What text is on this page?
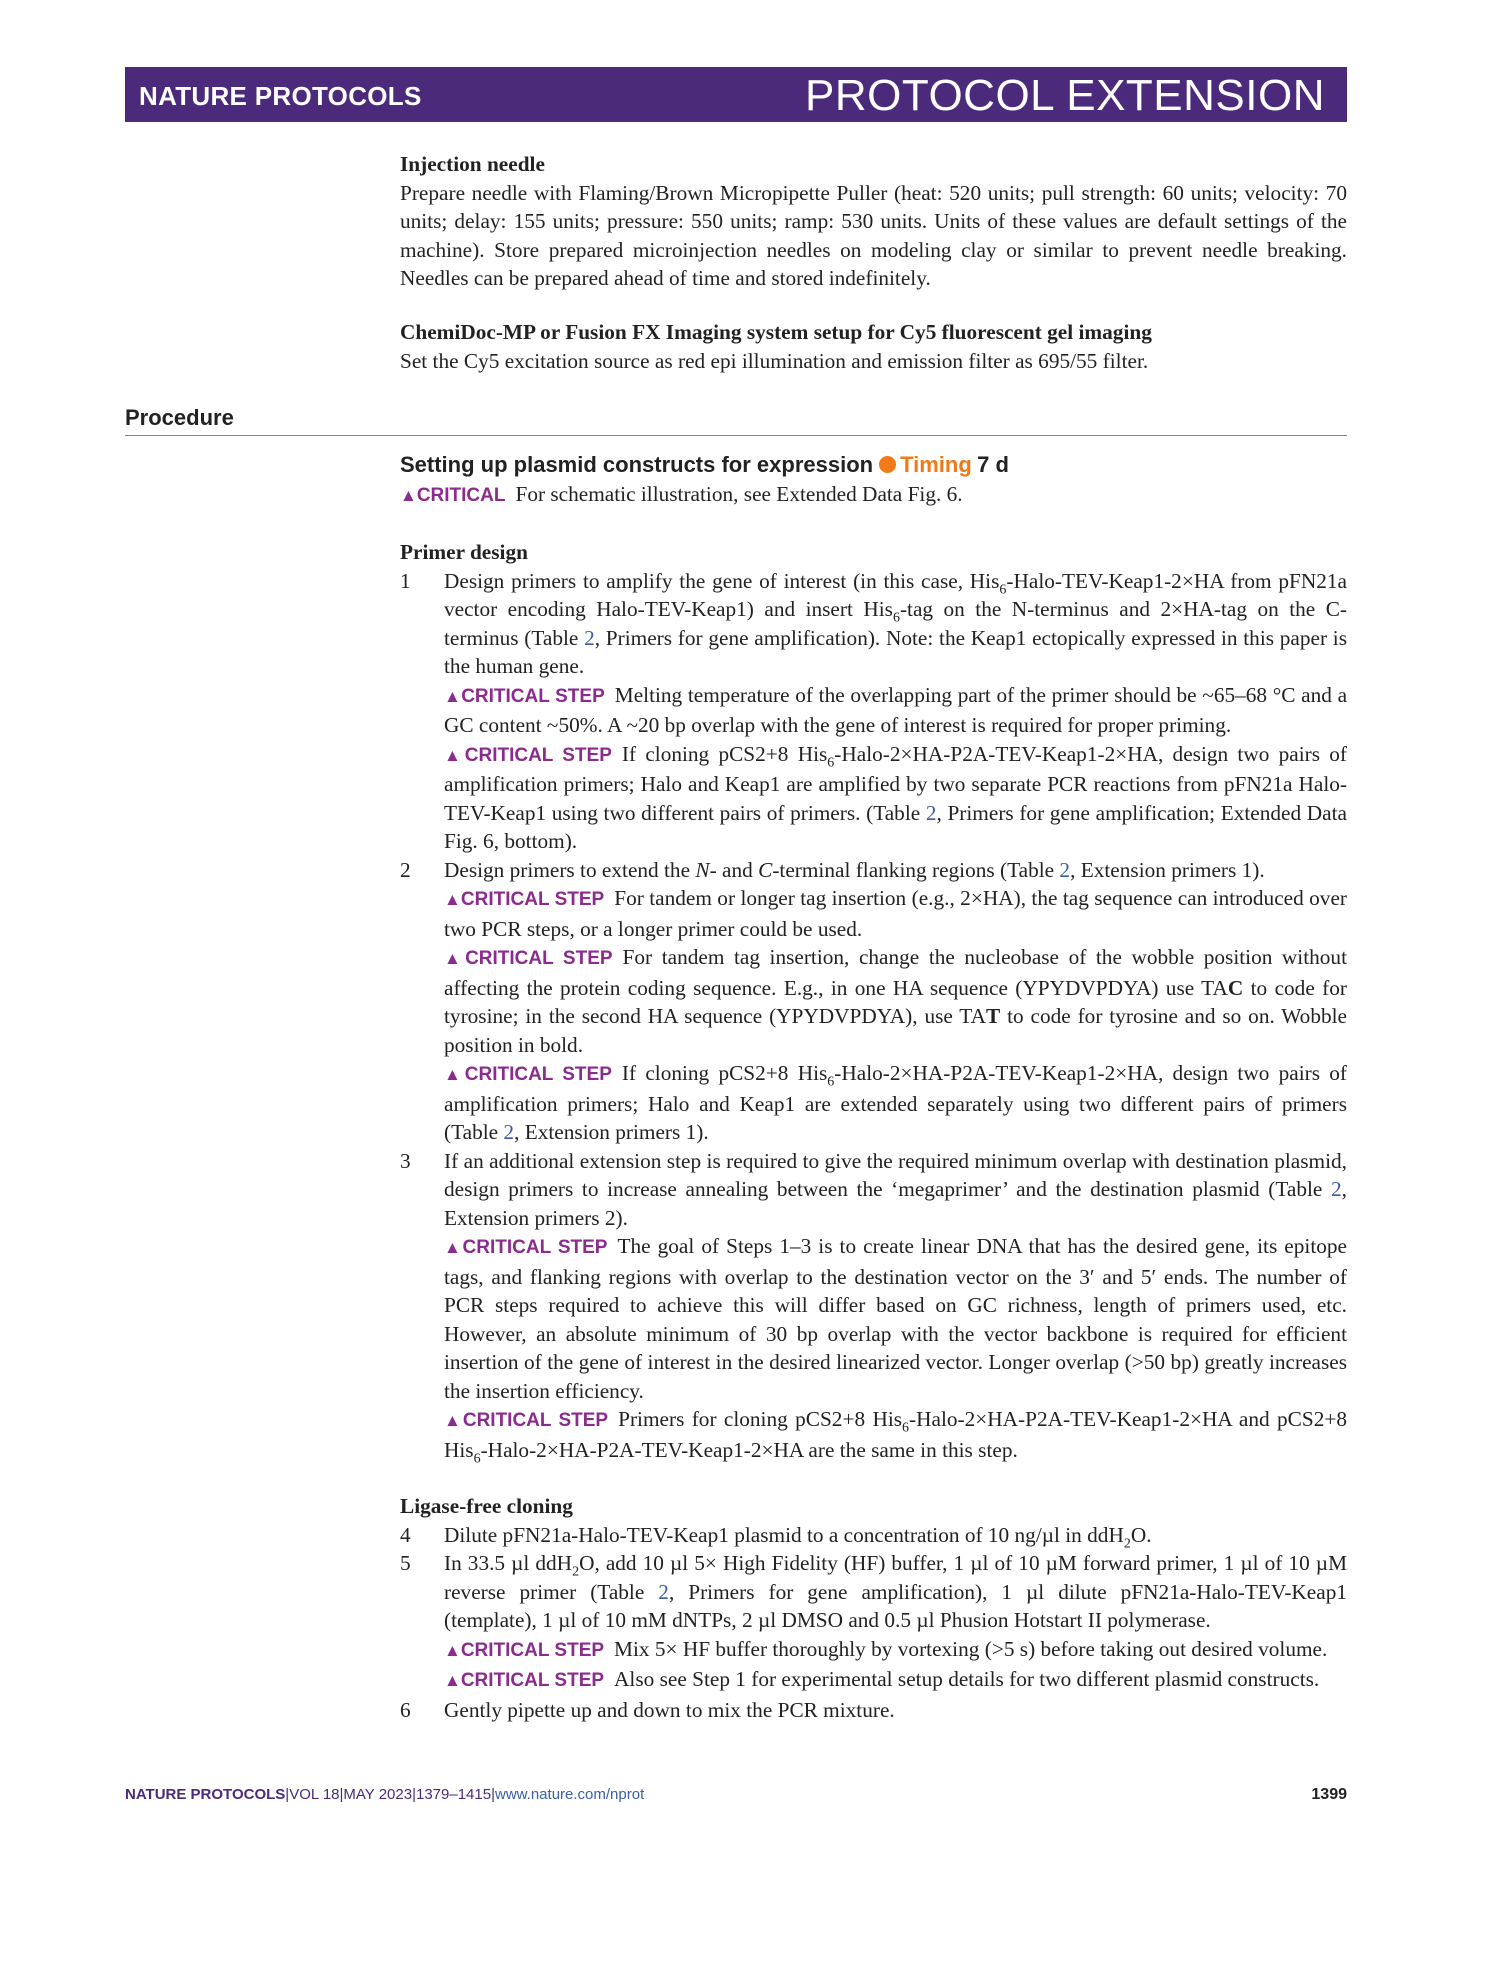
NATURE PROTOCOLS	PROTOCOL EXTENSION

Injection needle

Prepare needle with Flaming/Brown Micropipette Puller (heat: 520 units; pull strength: 60 units; velocity: 70 units; delay: 155 units; pressure: 550 units; ramp: 530 units. Units of these values are default settings of the machine). Store prepared microinjection needles on modeling clay or similar to prevent needle breaking. Needles can be prepared ahead of time and stored indefinitely.

ChemiDoc-MP or Fusion FX Imaging system setup for Cy5 fluorescent gel imaging

Set the Cy5 excitation source as red epi illumination and emission filter as 695/55 filter.

Procedure

Setting up plasmid constructs for expression Timing 7 d

▲CRITICAL For schematic illustration, see Extended Data Fig. 6.

Primer design

1 Design primers to amplify the gene of interest (in this case, His$_6$-Halo-TEV-Keap1-2×HA from pFN21a vector encoding Halo-TEV-Keap1) and insert His$_6$-tag on the N-terminus and 2×HA-tag on the C-terminus (Table 2, Primers for gene amplification). Note: the Keap1 ectopically expressed in this paper is the human gene.

▲CRITICAL STEP Melting temperature of the overlapping part of the primer should be ~65–68 °C and a GC content ~50%. A ~20 bp overlap with the gene of interest is required for proper priming.

▲CRITICAL STEP If cloning pCS2+8 His$_6$-Halo-2×HA-P2A-TEV-Keap1-2×HA, design two pairs of amplification primers; Halo and Keap1 are amplified by two separate PCR reactions from pFN21a Halo-TEV-Keap1 using two different pairs of primers. (Table 2, Primers for gene amplification; Extended Data Fig. 6, bottom).

2 Design primers to extend the N- and C-terminal flanking regions (Table 2, Extension primers 1).

▲CRITICAL STEP For tandem or longer tag insertion (e.g., 2×HA), the tag sequence can introduced over two PCR steps, or a longer primer could be used.

▲CRITICAL STEP For tandem tag insertion, change the nucleobase of the wobble position without affecting the protein coding sequence. E.g., in one HA sequence (YPYDVPDYA) use TAC to code for tyrosine; in the second HA sequence (YPYDVPDYA), use TAT to code for tyrosine and so on. Wobble position in bold.

▲CRITICAL STEP If cloning pCS2+8 His$_6$-Halo-2×HA-P2A-TEV-Keap1-2×HA, design two pairs of amplification primers; Halo and Keap1 are extended separately using two different pairs of primers (Table 2, Extension primers 1).

3 If an additional extension step is required to give the required minimum overlap with destination plasmid, design primers to increase annealing between the ‘megaprimer’ and the destination plasmid (Table 2, Extension primers 2).

▲CRITICAL STEP The goal of Steps 1–3 is to create linear DNA that has the desired gene, its epitope tags, and flanking regions with overlap to the destination vector on the 3′ and 5′ ends. The number of PCR steps required to achieve this will differ based on GC richness, length of primers used, etc. However, an absolute minimum of 30 bp overlap with the vector backbone is required for efficient insertion of the gene of interest in the desired linearized vector. Longer overlap (>50 bp) greatly increases the insertion efficiency.

▲CRITICAL STEP Primers for cloning pCS2+8 His$_6$-Halo-2×HA-P2A-TEV-Keap1-2×HA and pCS2+8 His$_6$-Halo-2×HA-P2A-TEV-Keap1-2×HA are the same in this step.

Ligase-free cloning

4 Dilute pFN21a-Halo-TEV-Keap1 plasmid to a concentration of 10 ng/µl in ddH$_2$O.

5 In 33.5 µl ddH$_2$O, add 10 µl 5× High Fidelity (HF) buffer, 1 µl of 10 µM forward primer, 1 µl of 10 µM reverse primer (Table 2, Primers for gene amplification), 1 µl dilute pFN21a-Halo-TEV-Keap1 (template), 1 µl of 10 mM dNTPs, 2 µl DMSO and 0.5 µl Phusion Hotstart II polymerase.

▲CRITICAL STEP Mix 5× HF buffer thoroughly by vortexing (>5 s) before taking out desired volume.

▲CRITICAL STEP Also see Step 1 for experimental setup details for two different plasmid constructs.

6 Gently pipette up and down to mix the PCR mixture.

NATURE PROTOCOLS|VOL 18|MAY 2023|1379–1415|www.nature.com/nprot	1399
